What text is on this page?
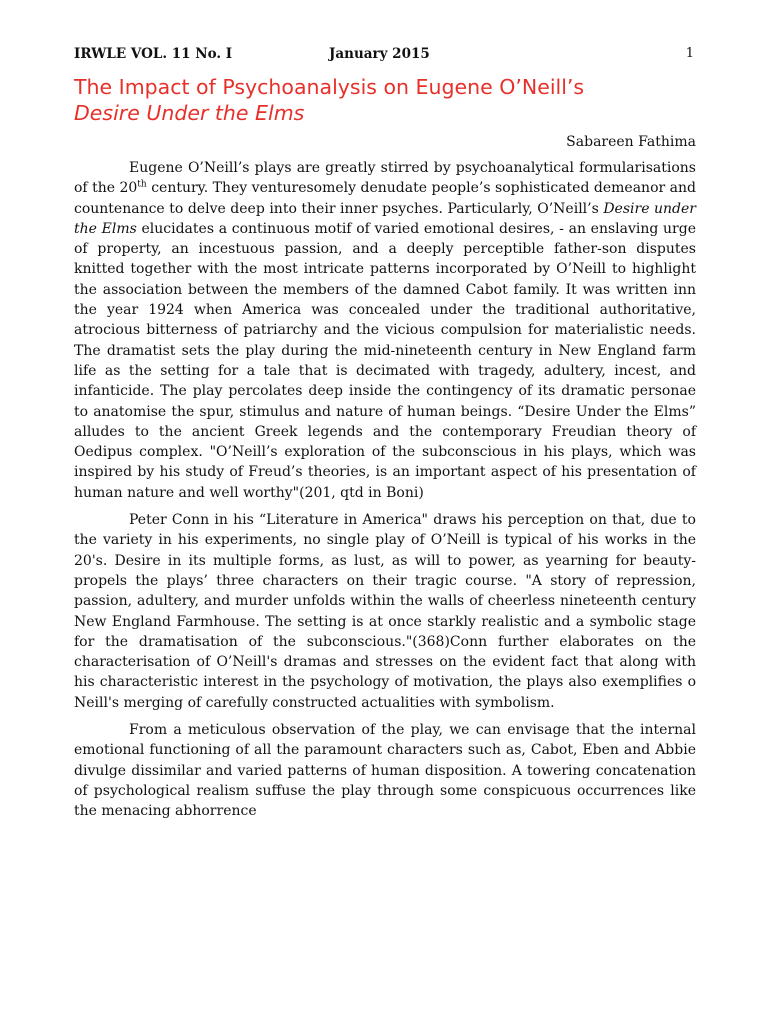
IRWLE VOL. 11 No. I	January 2015	1
The Impact of Psychoanalysis on Eugene O’Neill’s
Desire Under the Elms
Sabareen Fathima

Eugene O’Neill’s plays are greatly stirred by psychoanalytical formularisations of the 20th century. They venturesomely denudate people’s sophisticated demeanor and countenance to delve deep into their inner psyches. Particularly, O’Neill’s Desire under the Elms elucidates a continuous motif of varied emotional desires, - an enslaving urge of property, an incestuous passion, and a deeply perceptible father-son disputes knitted together with the most intricate patterns incorporated by O’Neill to highlight the association between the members of the damned Cabot family. It was written inn the year 1924 when America was concealed under the traditional authoritative, atrocious bitterness of patriarchy and the vicious compulsion for materialistic needs. The dramatist sets the play during the mid-nineteenth century in New England farm life as the setting for a tale that is decimated with tragedy, adultery, incest, and infanticide. The play percolates deep inside the contingency of its dramatic personae to anatomise the spur, stimulus and nature of human beings. “Desire Under the Elms” alludes to the ancient Greek legends and the contemporary Freudian theory of Oedipus complex. "O’Neill’s exploration of the subconscious in his plays, which was inspired by his study of Freud’s theories, is an important aspect of his presentation of human nature and well worthy"(201, qtd in Boni)

Peter Conn in his “Literature in America" draws his perception on that, due to the variety in his experiments, no single play of O’Neill is typical of his works in the 20's. Desire in its multiple forms, as lust, as will to power, as yearning for beauty-propels the plays’ three characters on their tragic course. "A story of repression, passion, adultery, and murder unfolds within the walls of cheerless nineteenth century New England Farmhouse. The setting is at once starkly realistic and a symbolic stage for the dramatisation of the subconscious."(368)Conn further elaborates on the characterisation of O’Neill's dramas and stresses on the evident fact that along with his characteristic interest in the psychology of motivation, the plays also exemplifies o Neill's merging of carefully constructed actualities with symbolism.

From a meticulous observation of the play, we can envisage that the internal emotional functioning of all the paramount characters such as, Cabot, Eben and Abbie divulge dissimilar and varied patterns of human disposition. A towering concatenation of psychological realism suffuse the play through some conspicuous occurrences like the menacing abhorrence
